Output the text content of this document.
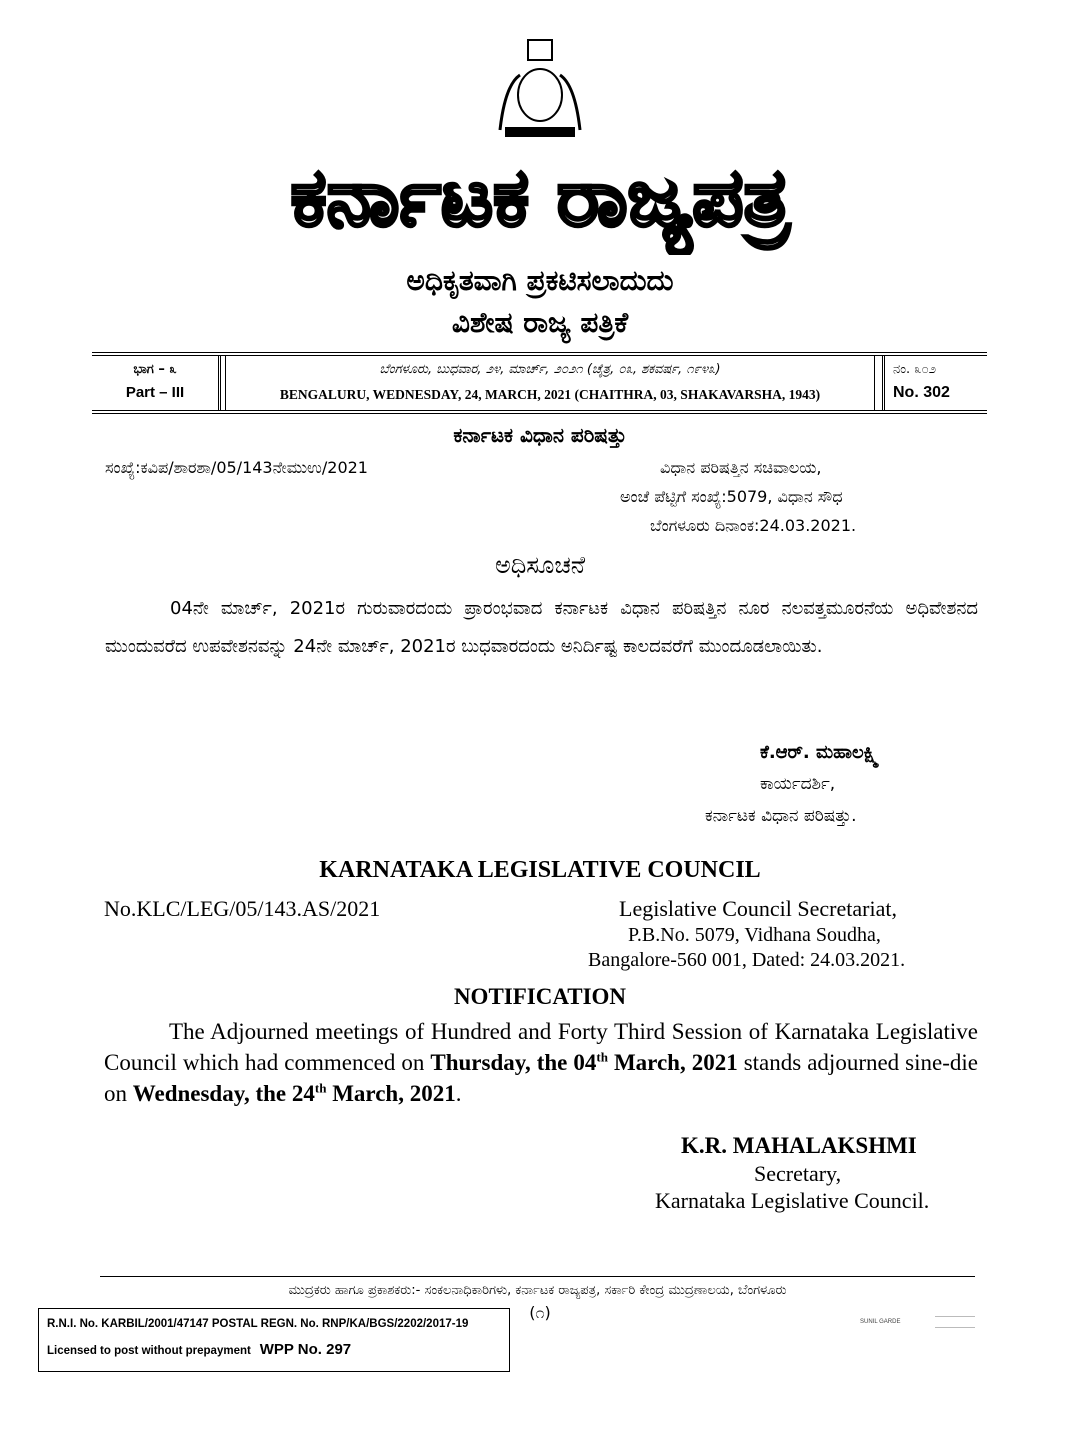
ಕರ್ನಾಟಕ ರಾಜ್ಯಪತ್ರ
ಅಧಿಕೃತವಾಗಿ ಪ್ರಕಟಿಸಲಾದುದು
ವಿಶೇಷ ರಾಜ್ಯ ಪತ್ರಿಕೆ
ಭಾಗ – ೩
Part – III
ಬೆಂಗಳೂರು, ಬುಧವಾರ, ೨೪, ಮಾರ್ಚ್, ೨೦೨೧ (ಚೈತ್ರ, ೦೩, ಶಕವರ್ಷ, ೧೯೪೩)
BENGALURU, WEDNESDAY, 24, MARCH, 2021 (CHAITHRA, 03, SHAKAVARSHA, 1943)
ನಂ. ೩೦೨
No. 302
ಕರ್ನಾಟಕ ವಿಧಾನ ಪರಿಷತ್ತು
ಸಂಖ್ಯೆ:ಕವಿಪ/ಶಾರಶಾ/05/143ನೇಮುಉ/2021	ವಿಧಾನ ಪರಿಷತ್ತಿನ ಸಚಿವಾಲಯ,
ಅಂಚೆ ಪೆಟ್ಟಿಗೆ ಸಂಖ್ಯೆ:5079, ವಿಧಾನ ಸೌಧ
ಬೆಂಗಳೂರು ದಿನಾಂಕ:24.03.2021.
ಅಧಿಸೂಚನೆ
04ನೇ ಮಾರ್ಚ್, 2021ರ ಗುರುವಾರದಂದು ಪ್ರಾರಂಭವಾದ ಕರ್ನಾಟಕ ವಿಧಾನ ಪರಿಷತ್ತಿನ ನೂರ ನಲವತ್ತಮೂರನೆಯ ಅಧಿವೇಶನದ ಮುಂದುವರೆದ ಉಪವೇಶನವನ್ನು 24ನೇ ಮಾರ್ಚ್, 2021ರ ಬುಧವಾರದಂದು ಅನಿರ್ದಿಷ್ಟ ಕಾಲದವರೆಗೆ ಮುಂದೂಡಲಾಯಿತು.
ಕೆ.ಆರ್. ಮಹಾಲಕ್ಷ್ಮಿ
ಕಾರ್ಯದರ್ಶಿ,
ಕರ್ನಾಟಕ ವಿಧಾನ ಪರಿಷತ್ತು.
KARNATAKA LEGISLATIVE COUNCIL
No.KLC/LEG/05/143.AS/2021	Legislative Council Secretariat,
P.B.No. 5079, Vidhana Soudha,
Bangalore-560 001, Dated: 24.03.2021.
NOTIFICATION
The Adjourned meetings of Hundred and Forty Third Session of Karnataka Legislative Council which had commenced on Thursday, the 04th March, 2021 stands adjourned sine-die on Wednesday, the 24th March, 2021.
K.R. MAHALAKSHMI
Secretary,
Karnataka Legislative Council.
ಮುದ್ರಕರು ಹಾಗೂ ಪ್ರಕಾಶಕರು:- ಸಂಕಲನಾಧಿಕಾರಿಗಳು, ಕರ್ನಾಟಕ ರಾಜ್ಯಪತ್ರ, ಸರ್ಕಾರಿ ಕೇಂದ್ರ ಮುದ್ರಣಾಲಯ, ಬೆಂಗಳೂರು
(೧)	SUNIL GARDE
R.N.I. No. KARBIL/2001/47147 POSTAL REGN. No. RNP/KA/BGS/2202/2017-19
Licensed to post without prepayment WPP No. 297
